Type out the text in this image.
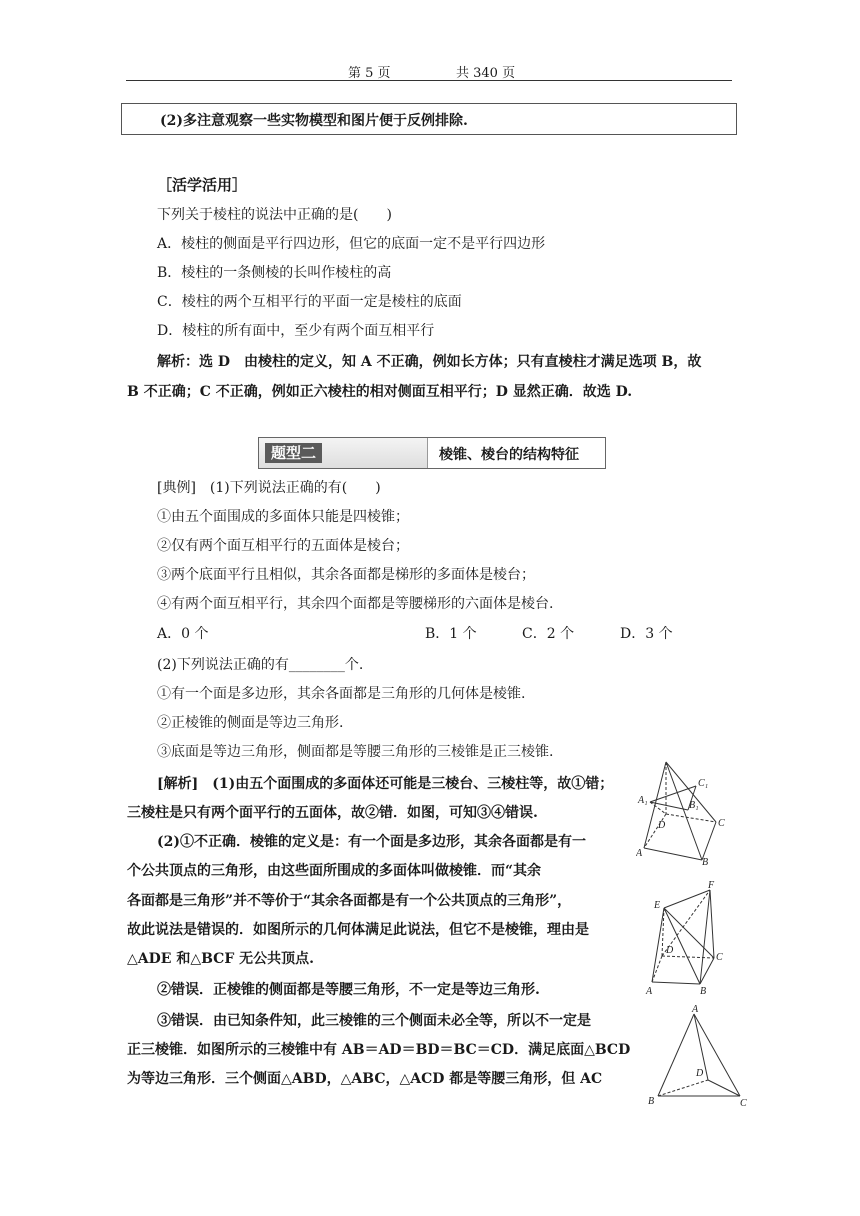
第 5 页	共 340 页
(2)多注意观察一些实物模型和图片便于反例排除.
［活学活用］
下列关于棱柱的说法中正确的是(　　)
A．棱柱的侧面是平行四边形，但它的底面一定不是平行四边形
B．棱柱的一条侧棱的长叫作棱柱的高
C．棱柱的两个互相平行的平面一定是棱柱的底面
D．棱柱的所有面中，至少有两个面互相平行
解析：选 D　由棱柱的定义，知 A 不正确，例如长方体；只有直棱柱才满足选项 B，故
B 不正确；C 不正确，例如正六棱柱的相对侧面互相平行；D 显然正确．故选 D.
题型二	棱锥、棱台的结构特征
[典例]　(1)下列说法正确的有(　　)
①由五个面围成的多面体只能是四棱锥；
②仅有两个面互相平行的五面体是棱台；
③两个底面平行且相似，其余各面都是梯形的多面体是棱台；
④有两个面互相平行，其余四个面都是等腰梯形的六面体是棱台.
A．0 个	B．1 个	C．2 个	D．3 个
(2)下列说法正确的有________个.
①有一个面是多边形，其余各面都是三角形的几何体是棱锥.
②正棱锥的侧面是等边三角形.
③底面是等边三角形，侧面都是等腰三角形的三棱锥是正三棱锥.
[解析]　(1)由五个面围成的多面体还可能是三棱台、三棱柱等，故①错；
三棱柱是只有两个面平行的五面体，故②错．如图，可知③④错误.
(2)①不正确．棱锥的定义是：有一个面是多边形，其余各面都是有一
个公共顶点的三角形，由这些面所围成的多面体叫做棱锥．而“其余
各面都是三角形”并不等价于“其余各面都是有一个公共顶点的三角形”，
故此说法是错误的．如图所示的几何体满足此说法，但它不是棱锥，理由是
△ADE 和△BCF 无公共顶点.
②错误．正棱锥的侧面都是等腰三角形，不一定是等边三角形.
③错误．由已知条件知，此三棱锥的三个侧面未必全等，所以不一定是
正三棱锥．如图所示的三棱锥中有 AB＝AD＝BD＝BC＝CD．满足底面△BCD
为等边三角形．三个侧面△ABD，△ABC，△ACD 都是等腰三角形，但 AC
A₁	B₁
C₁
D
A
B
C
E
F
D
C
A	B
A
D
B	C
